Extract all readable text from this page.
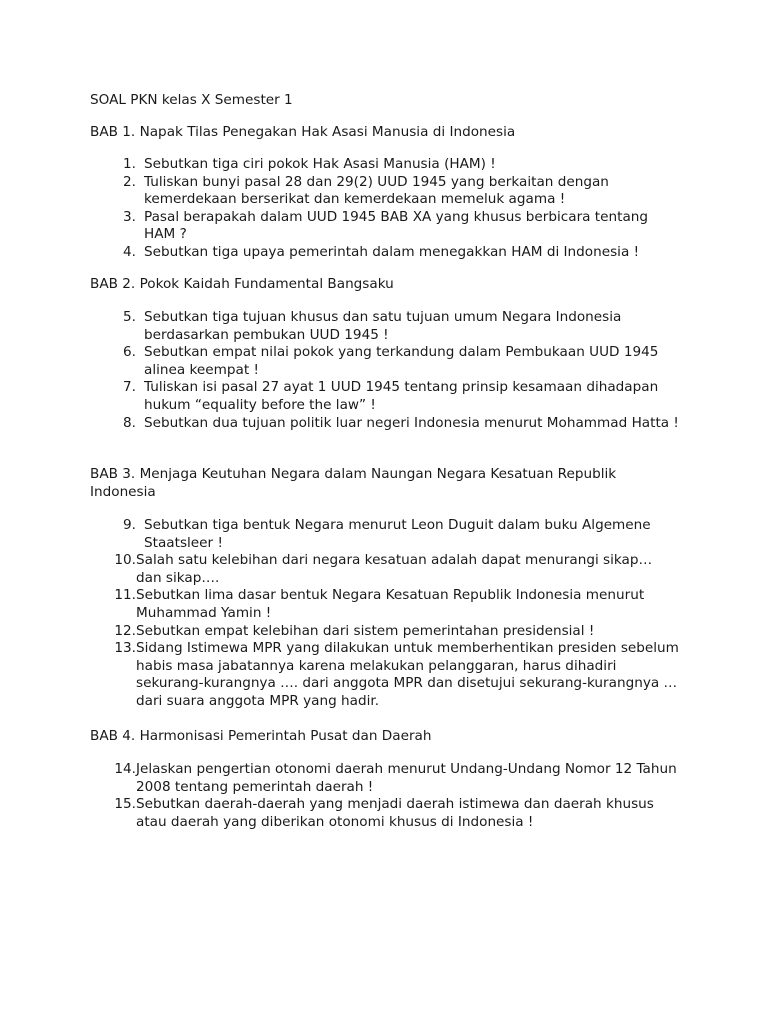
SOAL PKN kelas X Semester 1
BAB 1. Napak Tilas Penegakan Hak Asasi Manusia di Indonesia
1. Sebutkan tiga ciri pokok Hak Asasi Manusia (HAM) !
2. Tuliskan bunyi pasal 28 dan 29(2) UUD 1945 yang berkaitan dengan kemerdekaan berserikat dan kemerdekaan memeluk agama !
3. Pasal berapakah dalam UUD 1945 BAB XA yang khusus berbicara tentang HAM ?
4. Sebutkan tiga upaya pemerintah dalam menegakkan HAM di Indonesia !
BAB 2. Pokok Kaidah Fundamental Bangsaku
5. Sebutkan tiga tujuan khusus dan satu tujuan umum Negara Indonesia berdasarkan pembukan UUD 1945 !
6. Sebutkan empat nilai pokok yang terkandung dalam Pembukaan UUD 1945 alinea keempat !
7. Tuliskan isi pasal 27 ayat 1 UUD 1945 tentang prinsip kesamaan dihadapan hukum “equality before the law” !
8. Sebutkan dua tujuan politik luar negeri Indonesia menurut Mohammad Hatta !
BAB 3. Menjaga Keutuhan Negara dalam Naungan Negara Kesatuan Republik Indonesia
9. Sebutkan tiga bentuk Negara menurut Leon Duguit dalam buku Algemene Staatsleer !
10. Salah satu kelebihan dari negara kesatuan adalah dapat menurangi sikap… dan sikap….
11. Sebutkan lima dasar bentuk Negara Kesatuan Republik Indonesia menurut Muhammad Yamin !
12. Sebutkan empat kelebihan dari sistem pemerintahan presidensial !
13. Sidang Istimewa MPR yang dilakukan untuk memberhentikan presiden sebelum habis masa jabatannya karena melakukan pelanggaran, harus dihadiri sekurang-kurangnya …. dari anggota MPR dan disetujui sekurang-kurangnya … dari suara anggota MPR yang hadir.
BAB 4. Harmonisasi Pemerintah Pusat dan Daerah
14. Jelaskan pengertian otonomi daerah menurut Undang-Undang Nomor 12 Tahun 2008 tentang pemerintah daerah !
15. Sebutkan daerah-daerah yang menjadi daerah istimewa dan daerah khusus atau daerah yang diberikan otonomi khusus di Indonesia !
